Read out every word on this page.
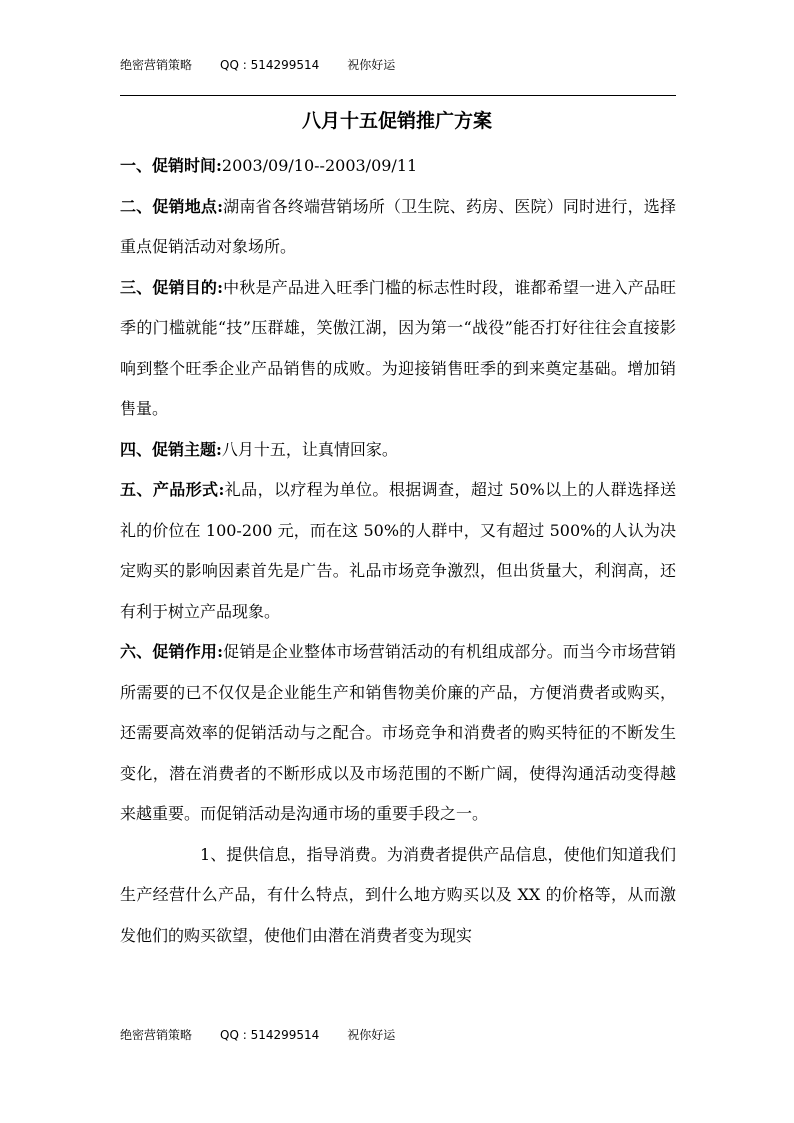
绝密营销策略 QQ : 514299514 祝你好运
八月十五促销推广方案

一、促销时间:2003/09/10--2003/09/11

二、促销地点:湖南省各终端营销场所（卫生院、药房、医院）同时进行，选择重点促销活动对象场所。

三、促销目的:中秋是产品进入旺季门槛的标志性时段，谁都希望一进入产品旺季的门槛就能“技”压群雄，笑傲江湖，因为第一“战役”能否打好往往会直接影响到整个旺季企业产品销售的成败。为迎接销售旺季的到来奠定基础。增加销售量。

四、促销主题:八月十五，让真情回家。

五、产品形式:礼品，以疗程为单位。根据调查，超过 50%以上的人群选择送礼的价位在 100-200 元，而在这 50%的人群中，又有超过 500%的人认为决定购买的影响因素首先是广告。礼品市场竞争激烈，但出货量大，利润高，还有利于树立产品现象。

六、促销作用:促销是企业整体市场营销活动的有机组成部分。而当今市场营销所需要的已不仅仅是企业能生产和销售物美价廉的产品，方便消费者或购买，还需要高效率的促销活动与之配合。市场竞争和消费者的购买特征的不断发生变化，潜在消费者的不断形成以及市场范围的不断广阔，使得沟通活动变得越来越重要。而促销活动是沟通市场的重要手段之一。

1、提供信息，指导消费。为消费者提供产品信息，使他们知道我们生产经营什么产品，有什么特点，到什么地方购买以及 XX 的价格等，从而激发他们的购买欲望，使他们由潜在消费者变为现实

绝密营销策略 QQ : 514299514 祝你好运
